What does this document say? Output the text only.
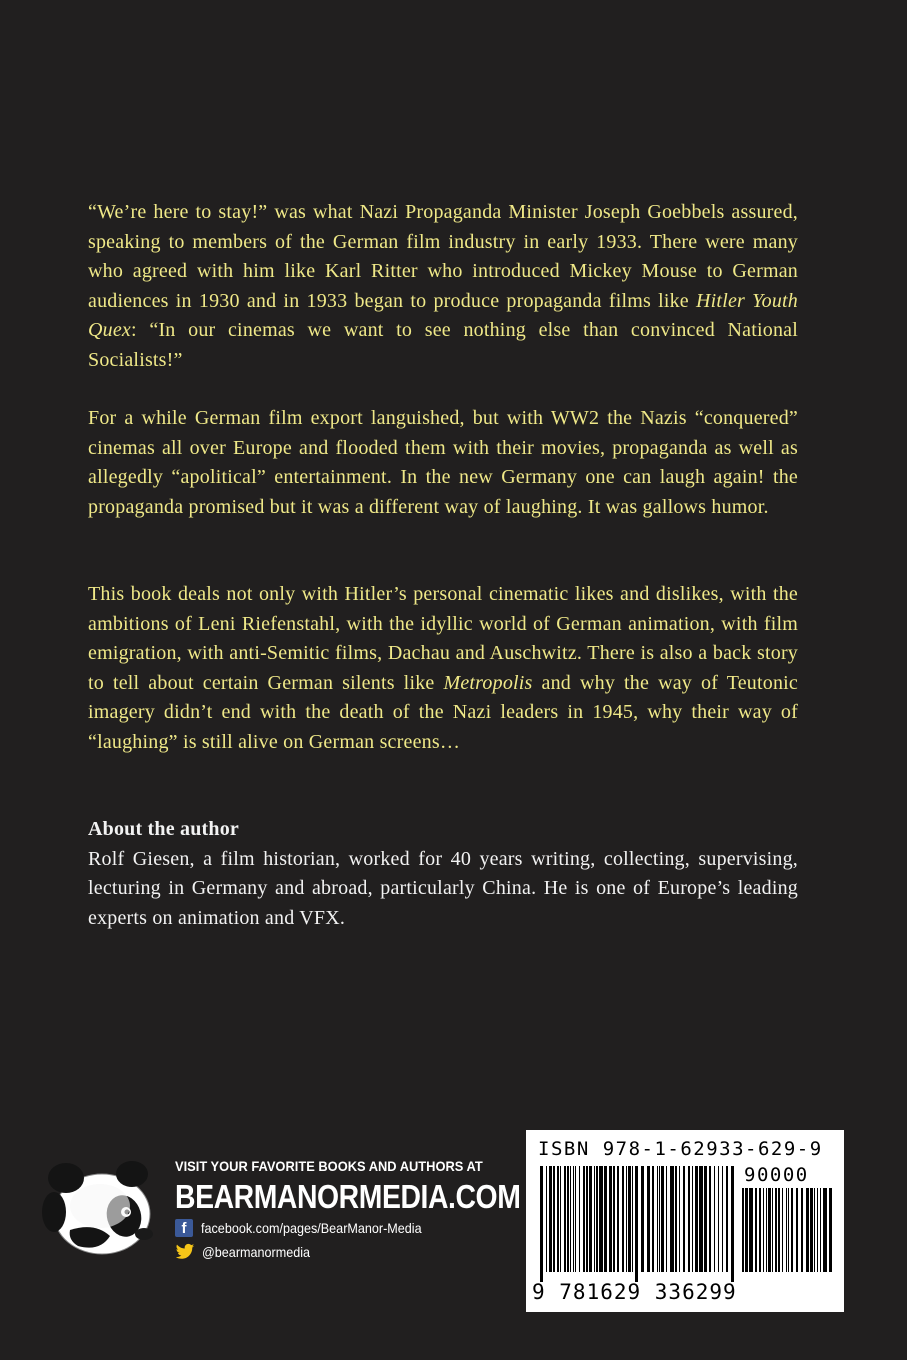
“We’re here to stay!” was what Nazi Propaganda Minister Joseph Goebbels assured, speaking to members of the German film industry in early 1933. There were many who agreed with him like Karl Ritter who introduced Mickey Mouse to German audiences in 1930 and in 1933 began to produce propaganda films like Hitler Youth Quex: “In our cinemas we want to see nothing else than convinced National Socialists!”

For a while German film export languished, but with WW2 the Nazis “conquered” cinemas all over Europe and flooded them with their movies, propaganda as well as allegedly “apolitical” entertainment. In the new Germany one can laugh again! the propaganda promised but it was a different way of laughing. It was gallows humor.

This book deals not only with Hitler’s personal cinematic likes and dislikes, with the ambitions of Leni Riefenstahl, with the idyllic world of German animation, with film emigration, with anti-Semitic films, Dachau and Auschwitz. There is also a back story to tell about certain German silents like Metropolis and why the way of Teutonic imagery didn’t end with the death of the Nazi leaders in 1945, why their way of “laughing” is still alive on German screens…

About the author

Rolf Giesen, a film historian, worked for 40 years writing, collecting, supervising, lecturing in Germany and abroad, particularly China. He is one of Europe’s leading experts on animation and VFX.

VISIT YOUR FAVORITE BOOKS AND AUTHORS AT
BEARMANORMEDIA.COM
f	facebook.com/pages/BearManor-Media
@bearmanormedia
ISBN 978-1-62933-629-9
90000
9 781629 336299
